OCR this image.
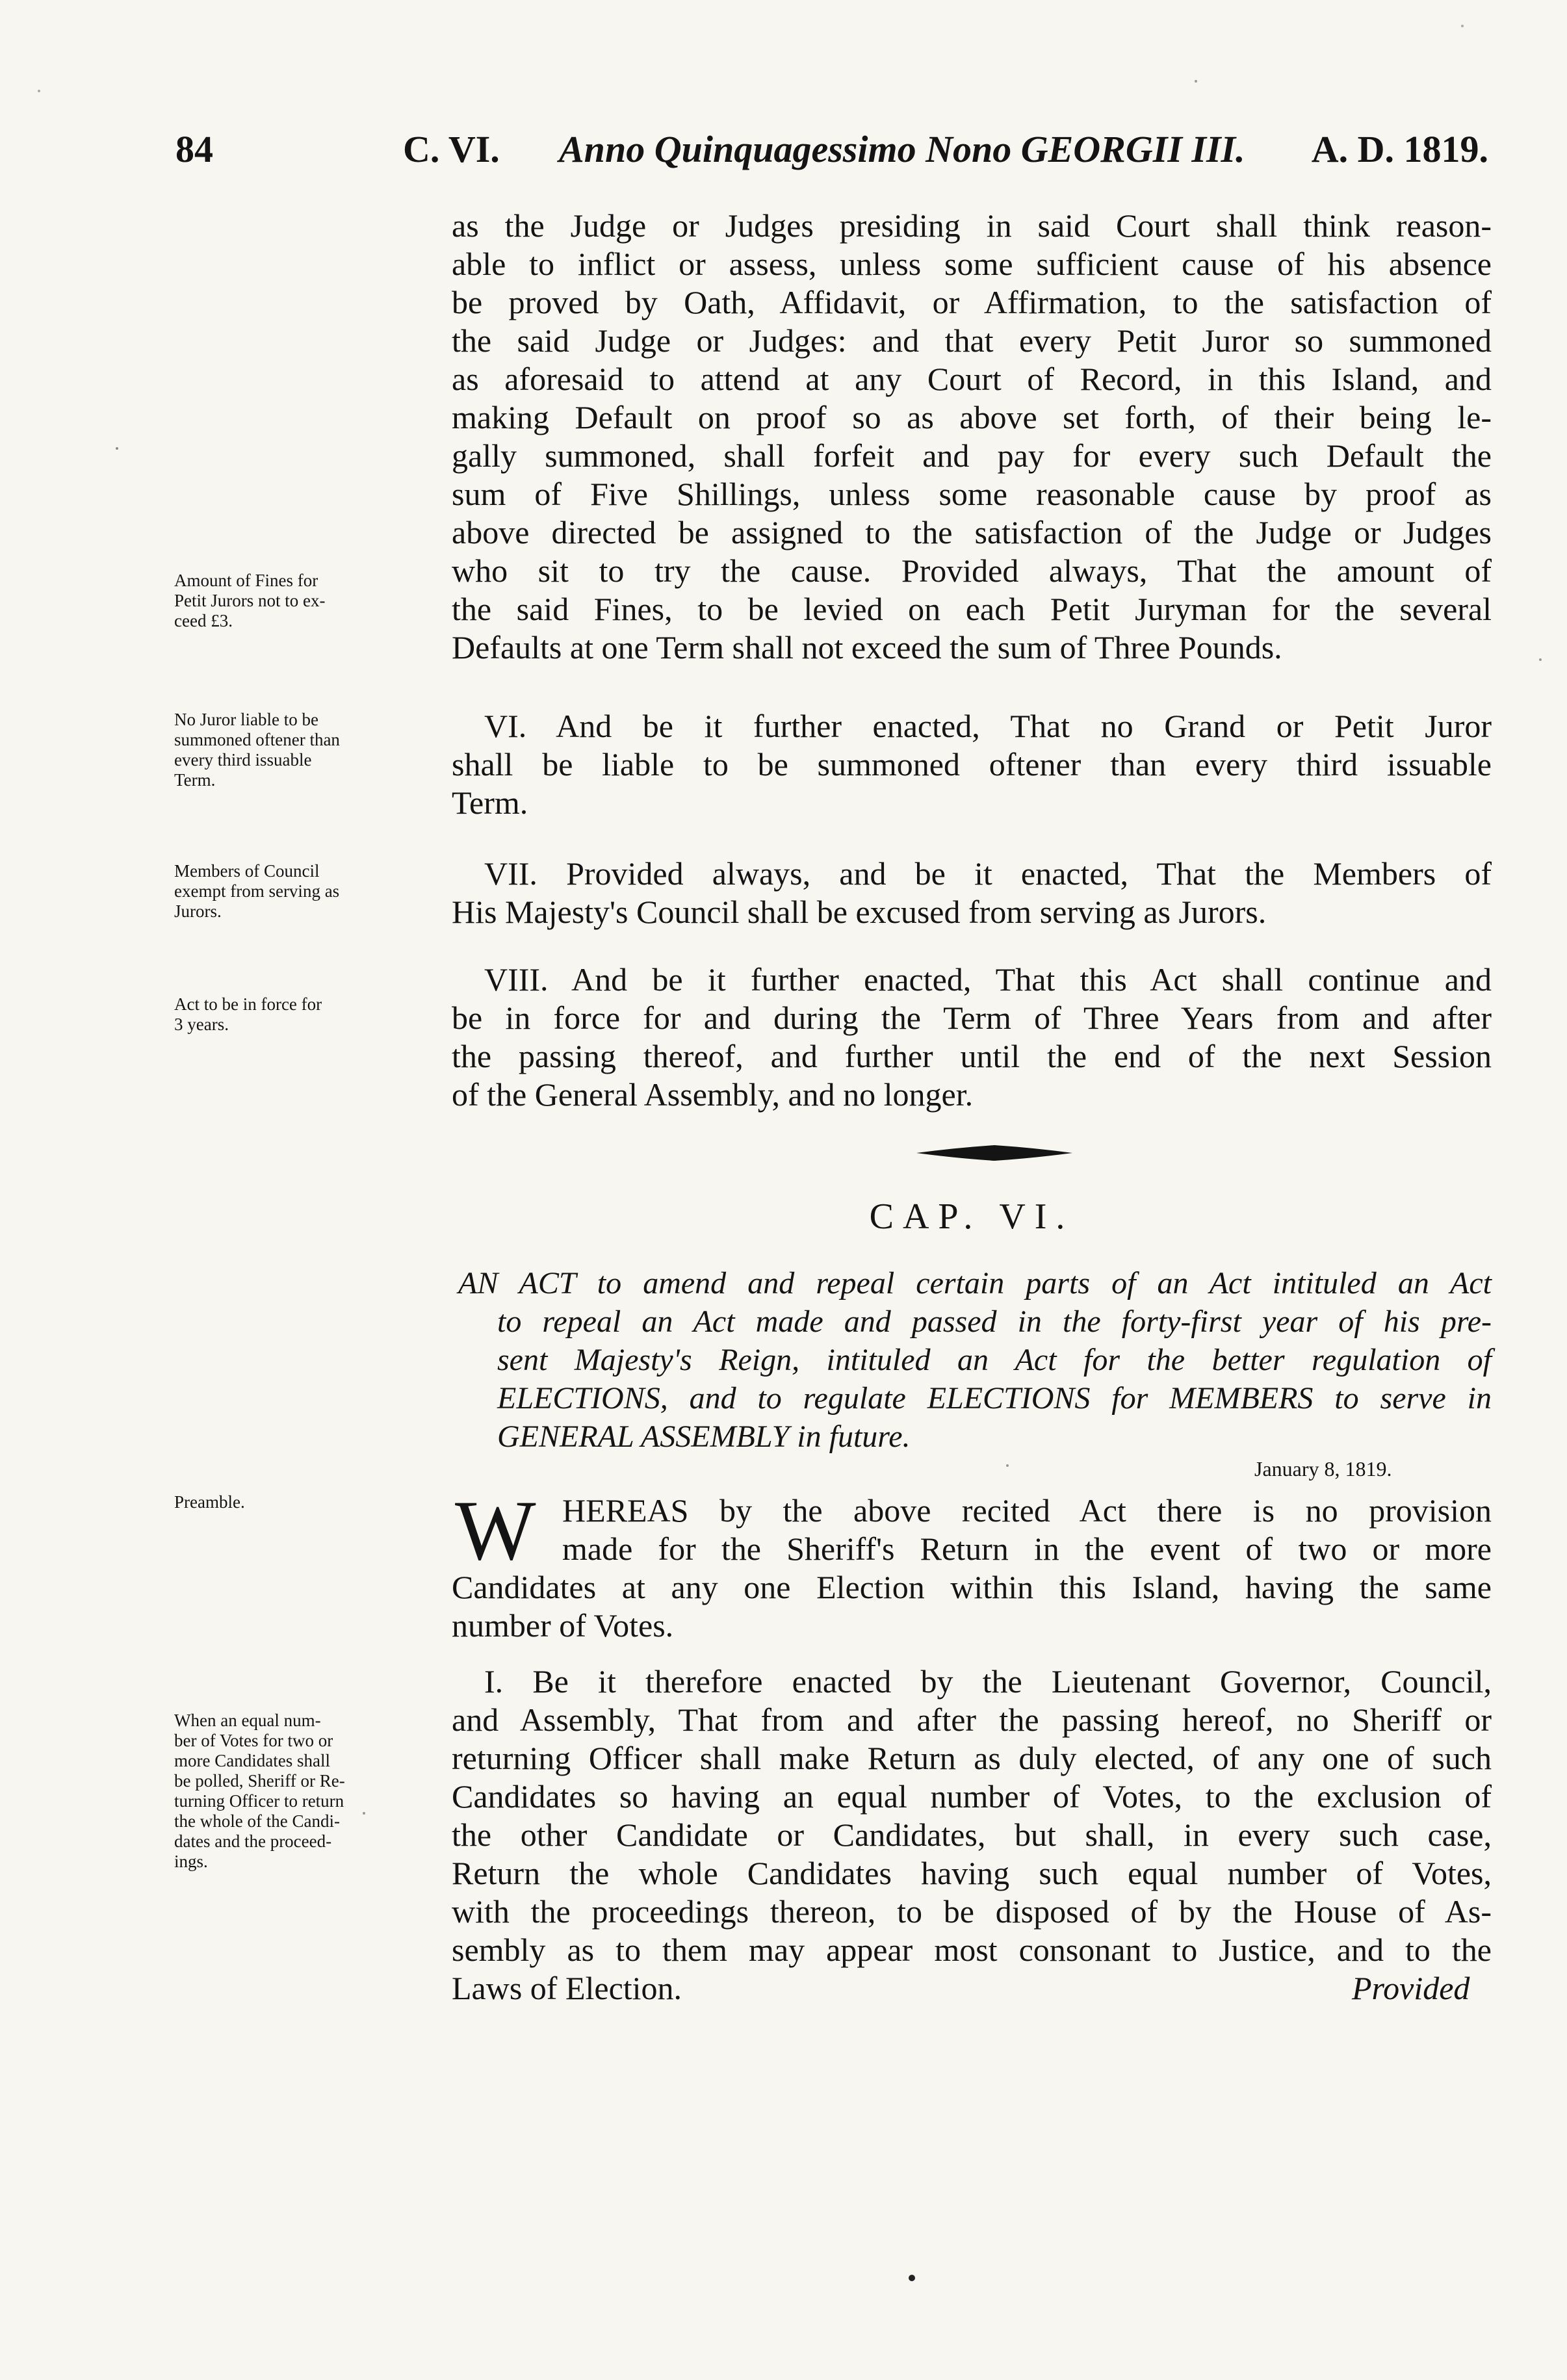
84	C. VI. Anno Quinquagessimo Nono GEORGII III. A. D. 1819.
as the Judge or Judges presiding in said Court shall think reason-
able to inflict or assess, unless some sufficient cause of his absence
be proved by Oath, Affidavit, or Affirmation, to the satisfaction of
the said Judge or Judges: and that every Petit Juror so summoned
as aforesaid to attend at any Court of Record, in this Island, and
making Default on proof so as above set forth, of their being le-
gally summoned, shall forfeit and pay for every such Default the
sum of Five Shillings, unless some reasonable cause by proof as
above directed be assigned to the satisfaction of the Judge or Judges
who sit to try the cause. Provided always, That the amount of
the said Fines, to be levied on each Petit Juryman for the several
Defaults at one Term shall not exceed the sum of Three Pounds.
Amount of Fines for
Petit Jurors not to ex-
ceed £3.
VI. And be it further enacted, That no Grand or Petit Juror
shall be liable to be summoned oftener than every third issuable
Term.
No Juror liable to be
summoned oftener than
every third issuable
Term.
VII. Provided always, and be it enacted, That the Members of
His Majesty's Council shall be excused from serving as Jurors.
Members of Council
exempt from serving as
Jurors.
VIII. And be it further enacted, That this Act shall continue and
be in force for and during the Term of Three Years from and after
the passing thereof, and further until the end of the next Session
of the General Assembly, and no longer.
Act to be in force for
3 years.
CAP. VI.
AN ACT to amend and repeal certain parts of an Act intituled an Act
to repeal an Act made and passed in the forty-first year of his pre-
sent Majesty's Reign, intituled an Act for the better regulation of
ELECTIONS, and to regulate ELECTIONS for MEMBERS to serve in
GENERAL ASSEMBLY in future.
January 8, 1819.
Preamble.	W HEREAS by the above recited Act there is no provision
made for the Sheriff's Return in the event of two or more
Candidates at any one Election within this Island, having the same
number of Votes.
I. Be it therefore enacted by the Lieutenant Governor, Council,
and Assembly, That from and after the passing hereof, no Sheriff or
returning Officer shall make Return as duly elected, of any one of such
Candidates so having an equal number of Votes, to the exclusion of
the other Candidate or Candidates, but shall, in every such case,
Return the whole Candidates having such equal number of Votes,
with the proceedings thereon, to be disposed of by the House of As-
sembly as to them may appear most consonant to Justice, and to the
Laws of Election.
When an equal num-
ber of Votes for two or
more Candidates shall
be polled, Sheriff or Re-
turning Officer to return
the whole of the Candi-
dates and the proceed-
ings.
Provided
